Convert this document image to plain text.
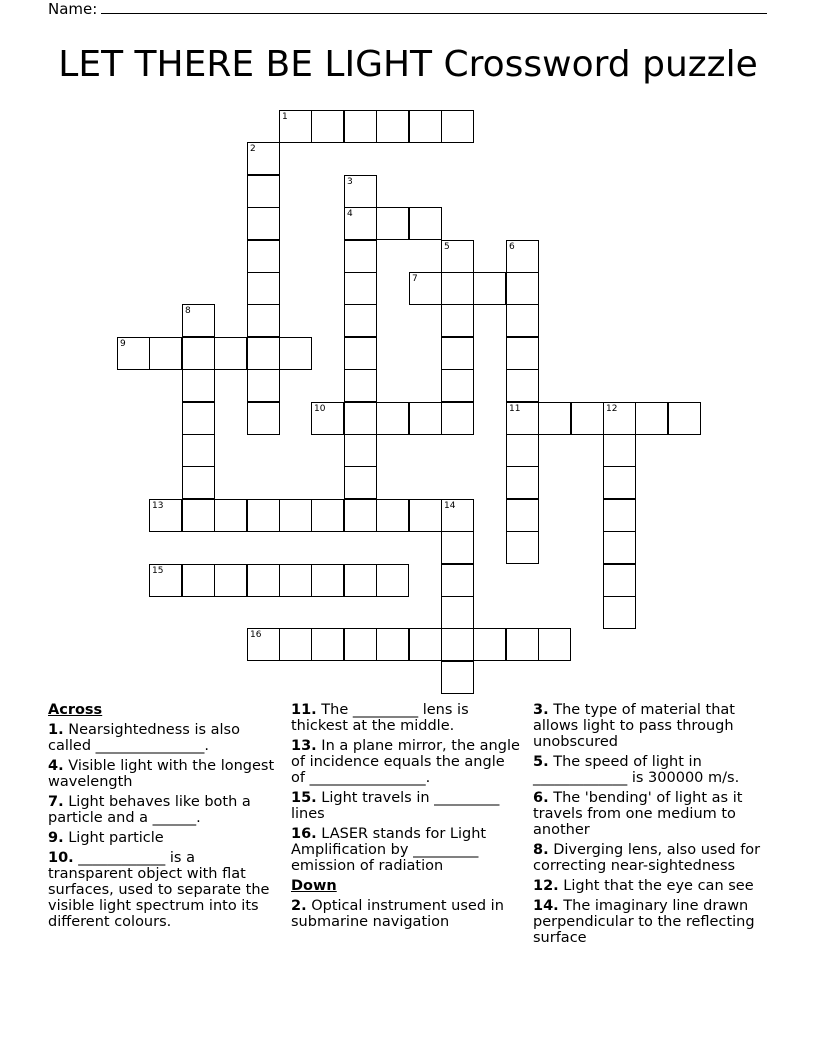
Name:
LET THERE BE LIGHT Crossword puzzle
1
2
3
4
5	6
11
7
8
9
10	12
13	14
15
16
Across
1. Nearsightedness is also called _______________.
4. Visible light with the longest wavelength
7. Light behaves like both a particle and a ______.
9. Light particle
10. ____________ is a transparent object with flat surfaces, used to separate the visible light spectrum into its different colours.
11. The _________ lens is thickest at the middle.
13. In a plane mirror, the angle of incidence equals the angle of ________________.
15. Light travels in _________ lines
16. LASER stands for Light Amplification by _________ emission of radiation
Down
2. Optical instrument used in submarine navigation
3. The type of material that allows light to pass through unobscured
5. The speed of light in _____________ is 300000 m/s.
6. The 'bending' of light as it travels from one medium to another
8. Diverging lens, also used for correcting near-sightedness
12. Light that the eye can see
14. The imaginary line drawn perpendicular to the reflecting surface
